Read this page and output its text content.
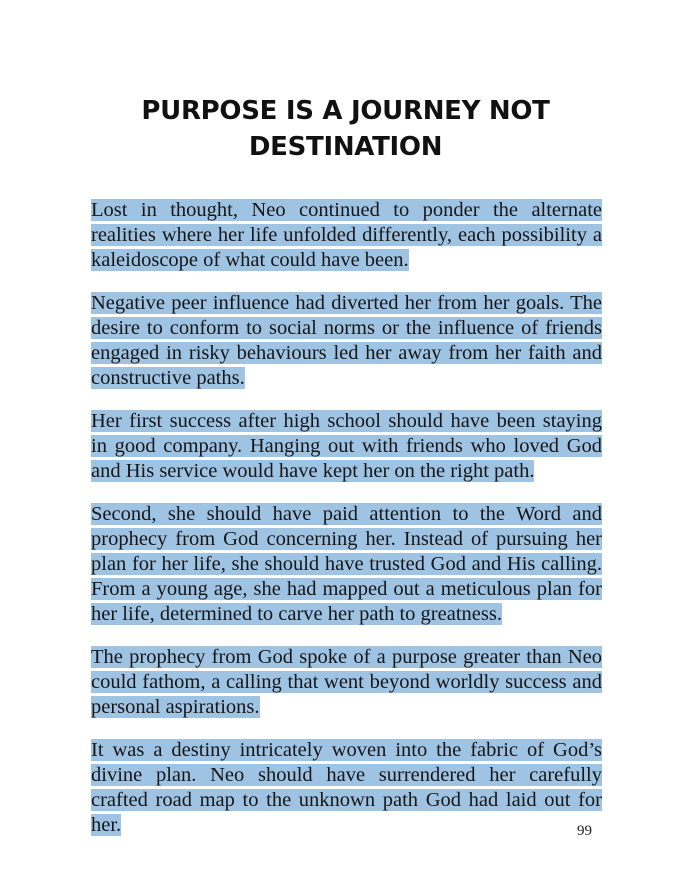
PURPOSE IS A JOURNEY NOT
DESTINATION

Lost in thought, Neo continued to ponder the alternate realities where her life unfolded differently, each possibility a kaleidoscope of what could have been.

Negative peer influence had diverted her from her goals. The desire to conform to social norms or the influence of friends engaged in risky behaviours led her away from her faith and constructive paths.

Her first success after high school should have been staying in good company. Hanging out with friends who loved God and His service would have kept her on the right path.

Second, she should have paid attention to the Word and prophecy from God concerning her. Instead of pursuing her plan for her life, she should have trusted God and His calling. From a young age, she had mapped out a meticulous plan for her life, determined to carve her path to greatness.

The prophecy from God spoke of a purpose greater than Neo could fathom, a calling that went beyond worldly success and personal aspirations.

It was a destiny intricately woven into the fabric of God’s divine plan. Neo should have surrendered her carefully crafted road map to the unknown path God had laid out for her.	99
